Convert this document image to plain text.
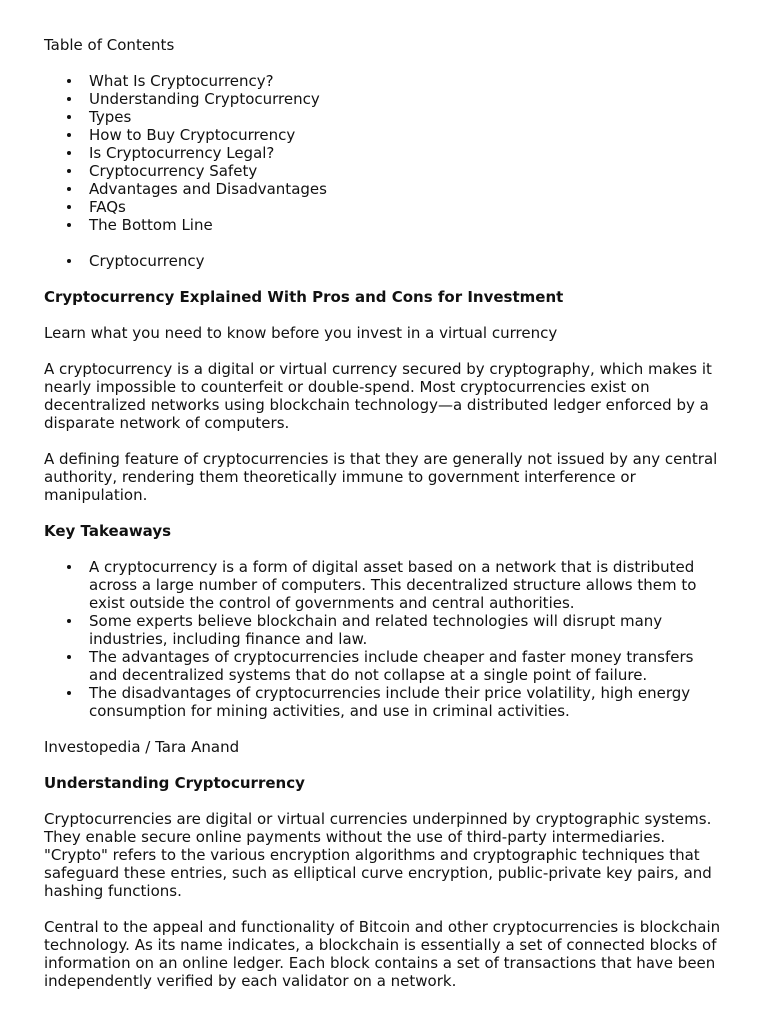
Table of Contents

What Is Cryptocurrency?
Understanding Cryptocurrency
Types
How to Buy Cryptocurrency
Is Cryptocurrency Legal?
Cryptocurrency Safety
Advantages and Disadvantages
FAQs
The Bottom Line
Cryptocurrency
Cryptocurrency Explained With Pros and Cons for Investment

Learn what you need to know before you invest in a virtual currency

A cryptocurrency is a digital or virtual currency secured by cryptography, which makes it nearly impossible to counterfeit or double-spend. Most cryptocurrencies exist on decentralized networks using blockchain technology—a distributed ledger enforced by a disparate network of computers.

A defining feature of cryptocurrencies is that they are generally not issued by any central authority, rendering them theoretically immune to government interference or manipulation.

Key Takeaways
A cryptocurrency is a form of digital asset based on a network that is distributed across a large number of computers. This decentralized structure allows them to exist outside the control of governments and central authorities.
Some experts believe blockchain and related technologies will disrupt many industries, including finance and law.
The advantages of cryptocurrencies include cheaper and faster money transfers and decentralized systems that do not collapse at a single point of failure.
The disadvantages of cryptocurrencies include their price volatility, high energy consumption for mining activities, and use in criminal activities.

Investopedia / Tara Anand

Understanding Cryptocurrency

Cryptocurrencies are digital or virtual currencies underpinned by cryptographic systems. They enable secure online payments without the use of third-party intermediaries. "Crypto" refers to the various encryption algorithms and cryptographic techniques that safeguard these entries, such as elliptical curve encryption, public-private key pairs, and hashing functions.

Central to the appeal and functionality of Bitcoin and other cryptocurrencies is blockchain technology. As its name indicates, a blockchain is essentially a set of connected blocks of information on an online ledger. Each block contains a set of transactions that have been independently verified by each validator on a network.
